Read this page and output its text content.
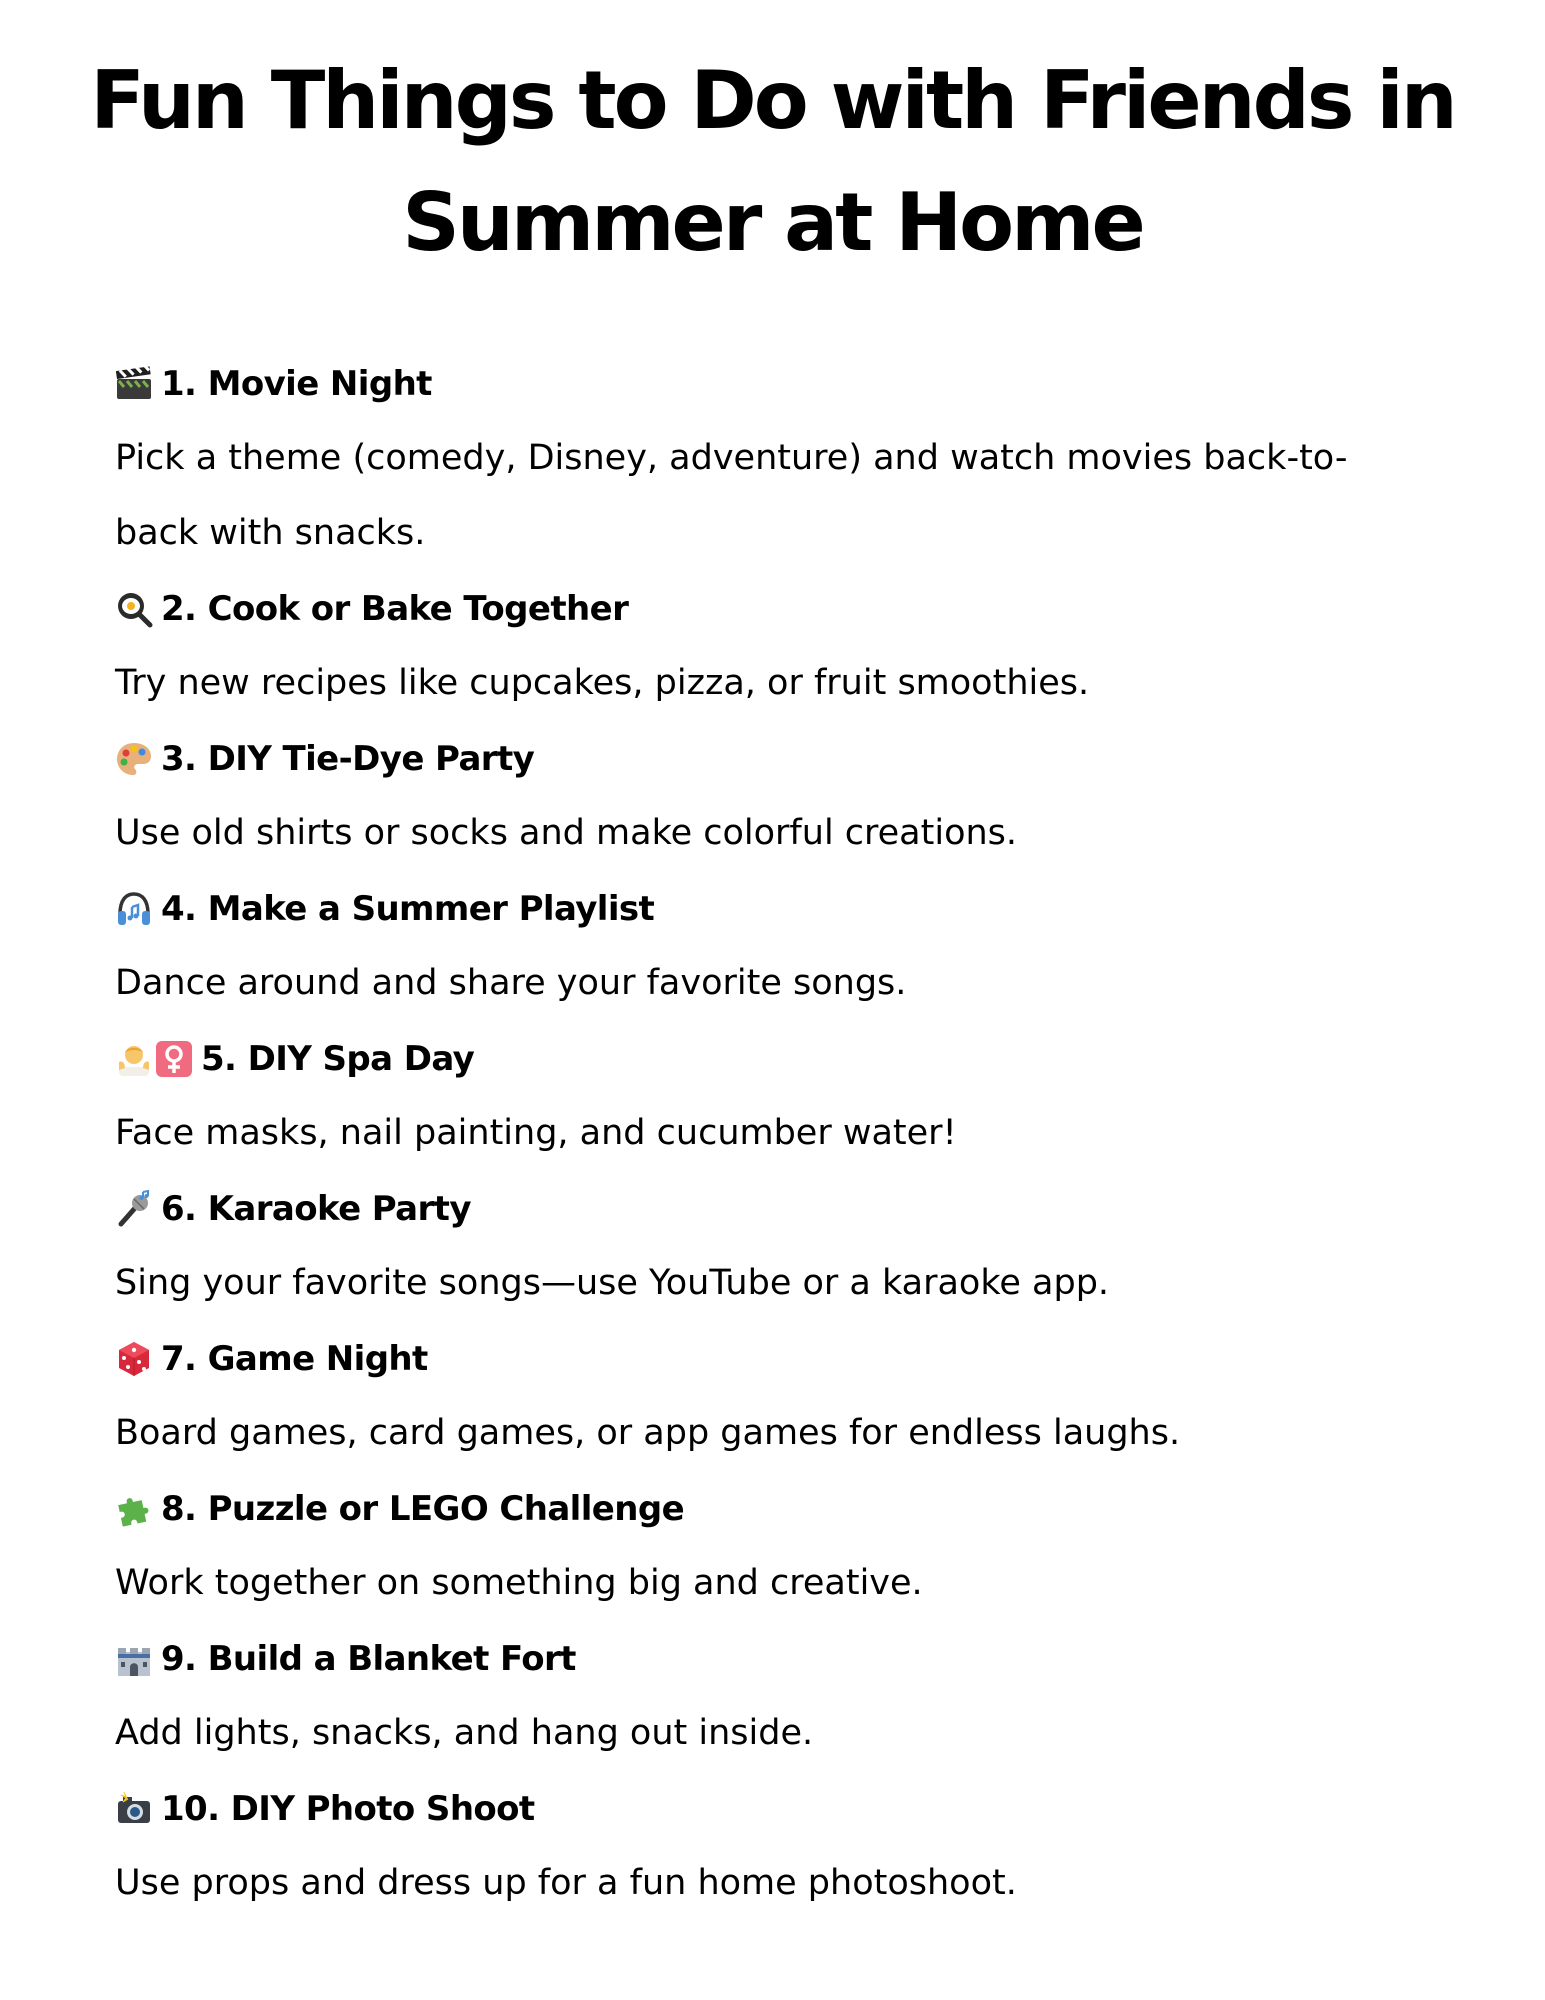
Fun Things to Do with Friends in
Summer at Home
1. Movie Night
Pick a theme (comedy, Disney, adventure) and watch movies back-to-back with snacks.
2. Cook or Bake Together
Try new recipes like cupcakes, pizza, or fruit smoothies.
3. DIY Tie-Dye Party
Use old shirts or socks and make colorful creations.
4. Make a Summer Playlist
Dance around and share your favorite songs.
5. DIY Spa Day
Face masks, nail painting, and cucumber water!
6. Karaoke Party
Sing your favorite songs—use YouTube or a karaoke app.
7. Game Night
Board games, card games, or app games for endless laughs.
8. Puzzle or LEGO Challenge
Work together on something big and creative.
9. Build a Blanket Fort
Add lights, snacks, and hang out inside.
10. DIY Photo Shoot
Use props and dress up for a fun home photoshoot.
